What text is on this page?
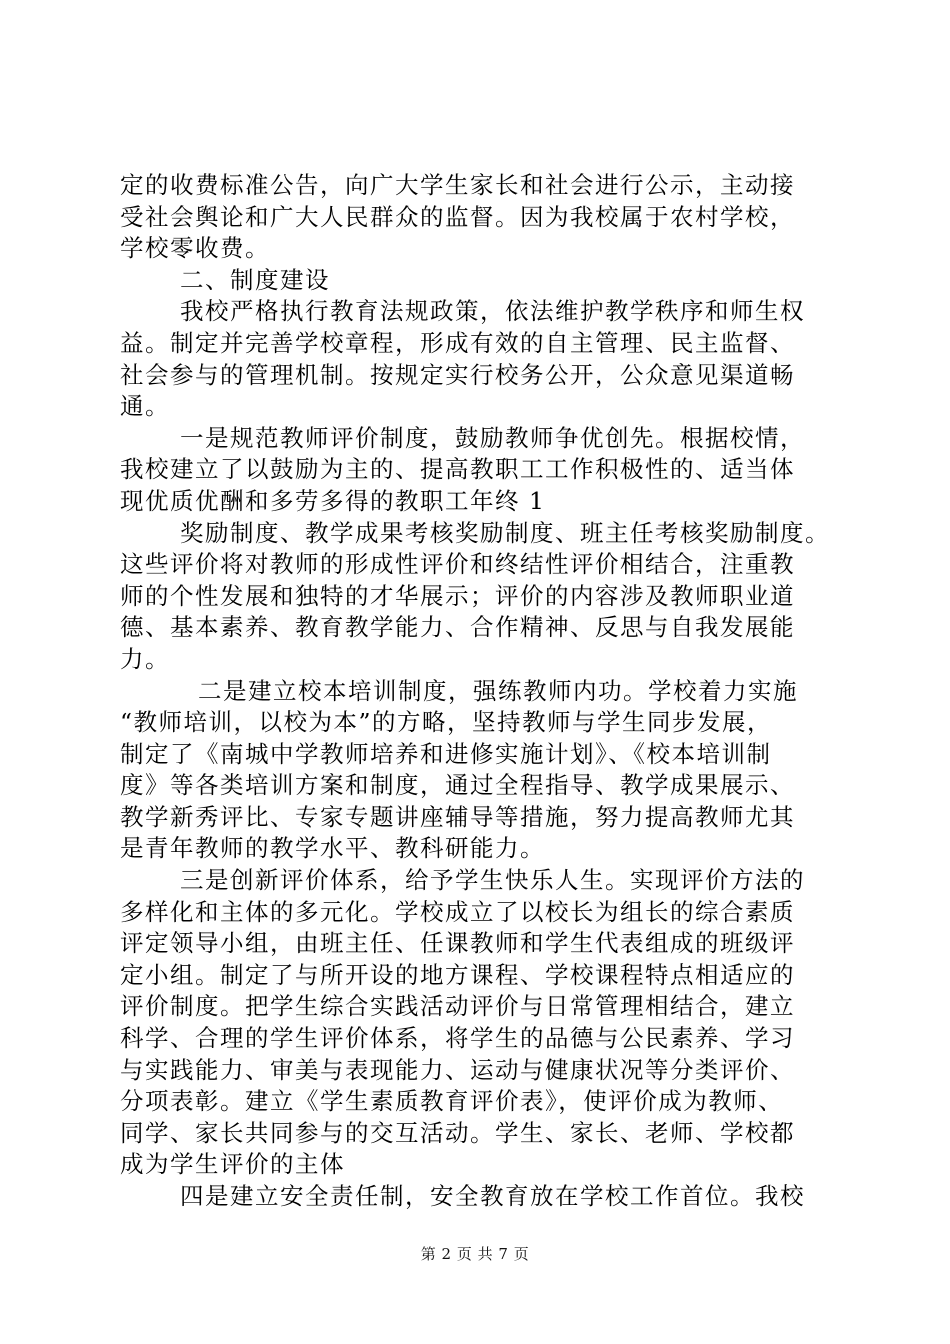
定的收费标准公告，向广大学生家长和社会进行公示，主动接
受社会舆论和广大人民群众的监督。因为我校属于农村学校，
学校零收费。
二、制度建设
我校严格执行教育法规政策，依法维护教学秩序和师生权
益。制定并完善学校章程，形成有效的自主管理、民主监督、
社会参与的管理机制。按规定实行校务公开，公众意见渠道畅
通。
一是规范教师评价制度，鼓励教师争优创先。根据校情，
我校建立了以鼓励为主的、提高教职工工作积极性的、适当体
现优质优酬和多劳多得的教职工年终 1
奖励制度、教学成果考核奖励制度、班主任考核奖励制度。
这些评价将对教师的形成性评价和终结性评价相结合，注重教
师的个性发展和独特的才华展示；评价的内容涉及教师职业道
德、基本素养、教育教学能力、合作精神、反思与自我发展能
力。
二是建立校本培训制度，强练教师内功。学校着力实施
“教师培训，以校为本”的方略，坚持教师与学生同步发展，
制定了《南城中学教师培养和进修实施计划》、《校本培训制
度》等各类培训方案和制度，通过全程指导、教学成果展示、
教学新秀评比、专家专题讲座辅导等措施，努力提高教师尤其
是青年教师的教学水平、教科研能力。
三是创新评价体系，给予学生快乐人生。实现评价方法的
多样化和主体的多元化。学校成立了以校长为组长的综合素质
评定领导小组，由班主任、任课教师和学生代表组成的班级评
定小组。制定了与所开设的地方课程、学校课程特点相适应的
评价制度。把学生综合实践活动评价与日常管理相结合，建立
科学、合理的学生评价体系，将学生的品德与公民素养、学习
与实践能力、审美与表现能力、运动与健康状况等分类评价、
分项表彰。建立《学生素质教育评价表》，使评价成为教师、
同学、家长共同参与的交互活动。学生、家长、老师、学校都
成为学生评价的主体
四是建立安全责任制，安全教育放在学校工作首位。我校
第 2 页 共 7 页
